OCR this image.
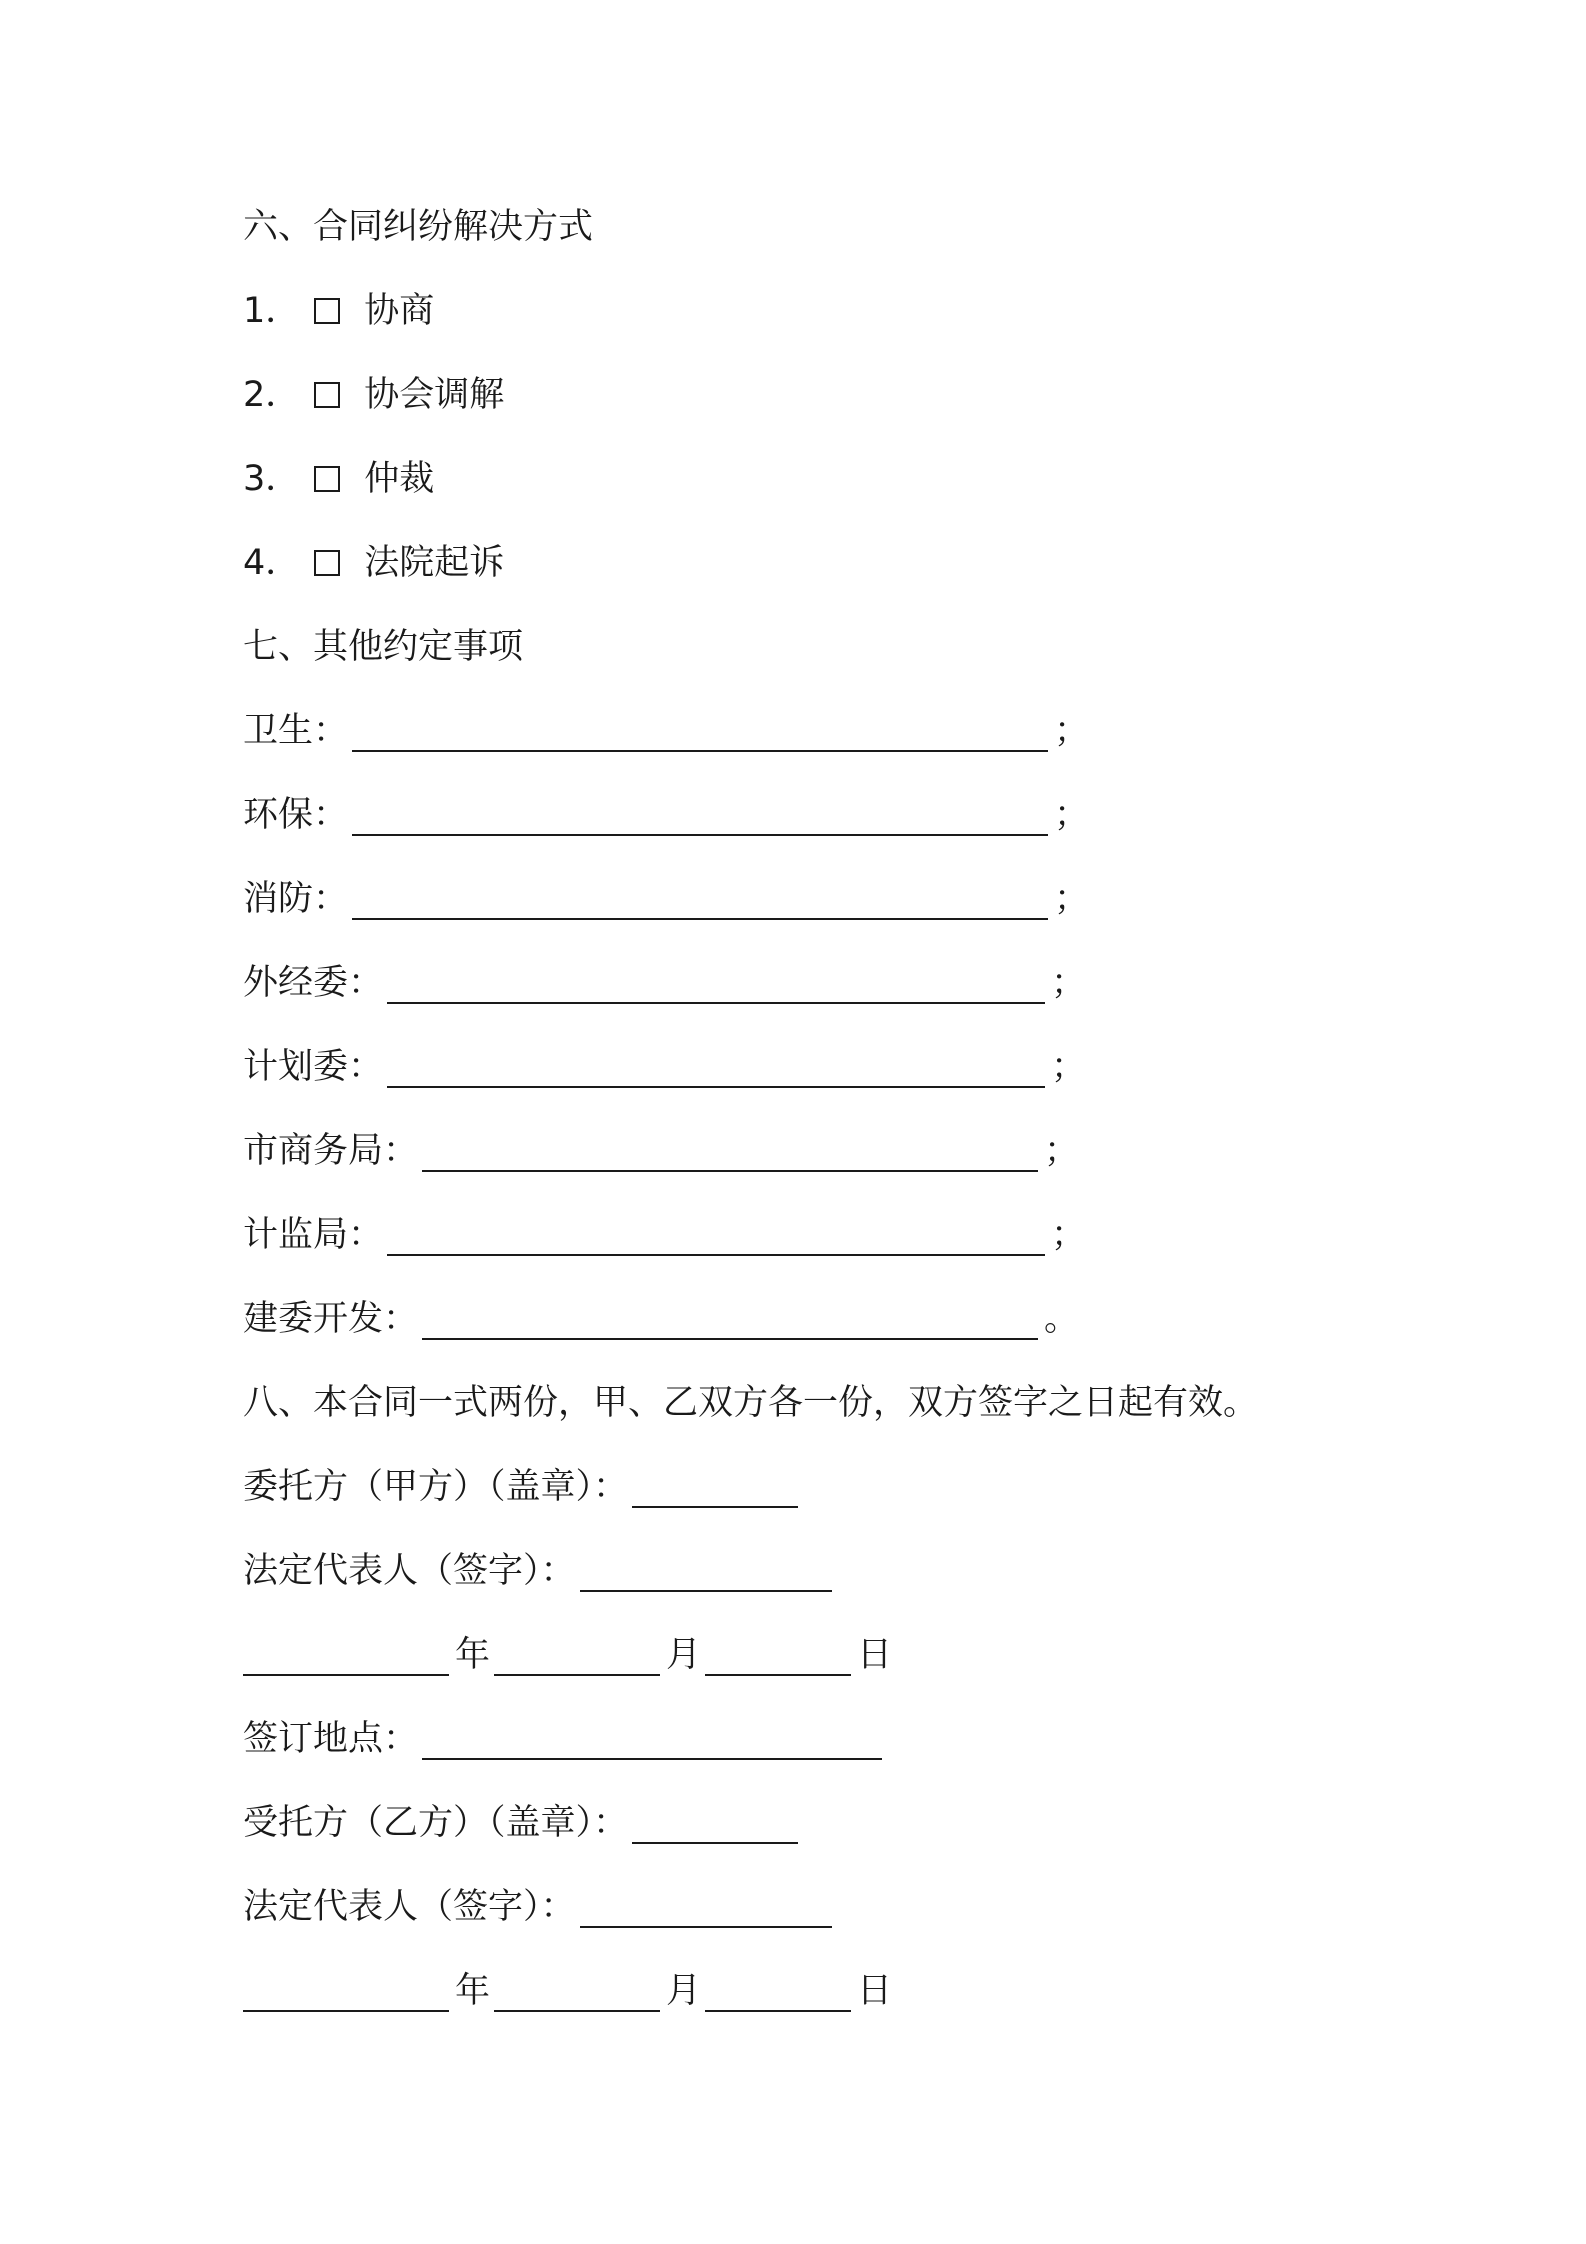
六、合同纠纷解决方式
1． 协商
2． 协会调解
3． 仲裁
4． 法院起诉
七、其他约定事项
卫生：	；
环保：	；
消防：	；
外经委：	；
计划委：	；
市商务局：	；
计监局：	；
建委开发：	。
八、本合同一式两份，甲、乙双方各一份，双方签字之日起有效。
委托方（甲方）（盖章）：
法定代表人（签字）：
年	月	日
签订地点：
受托方（乙方）（盖章）：
法定代表人（签字）：
年	月	日
